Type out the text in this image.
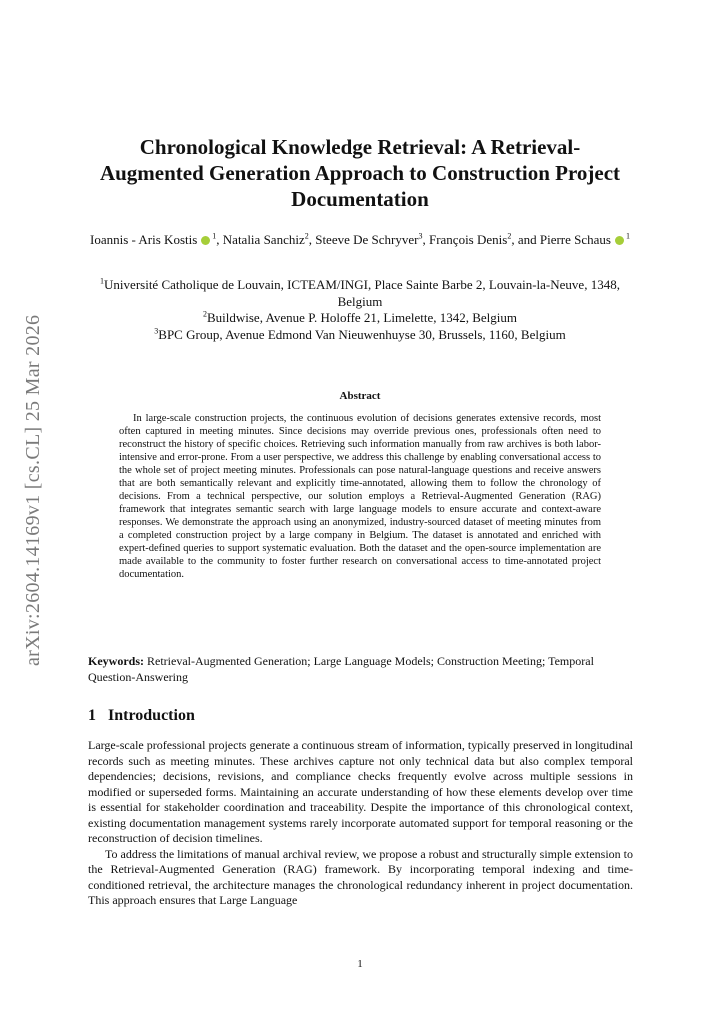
arXiv:2604.14169v1 [cs.CL] 25 Mar 2026
Chronological Knowledge Retrieval: A Retrieval-Augmented Generation Approach to Construction Project Documentation
Ioannis - Aris Kostis $^1$, Natalia Sanchiz$^2$, Steeve De Schryver$^3$, François Denis$^2$, and Pierre Schaus $^1$
$^1$Université Catholique de Louvain, ICTEAM/INGI, Place Sainte Barbe 2, Louvain-la-Neuve, 1348, Belgium
$^2$Buildwise, Avenue P. Holoffe 21, Limelette, 1342, Belgium
$^3$BPC Group, Avenue Edmond Van Nieuwenhuyse 30, Brussels, 1160, Belgium
Abstract
In large-scale construction projects, the continuous evolution of decisions generates extensive records, most often captured in meeting minutes. Since decisions may override previous ones, professionals often need to reconstruct the history of specific choices. Retrieving such information manually from raw archives is both labor-intensive and error-prone. From a user perspective, we address this challenge by enabling conversational access to the whole set of project meeting minutes. Professionals can pose natural-language questions and receive answers that are both semantically relevant and explicitly time-annotated, allowing them to follow the chronology of decisions. From a technical perspective, our solution employs a Retrieval-Augmented Generation (RAG) framework that integrates semantic search with large language models to ensure accurate and context-aware responses. We demonstrate the approach using an anonymized, industry-sourced dataset of meeting minutes from a completed construction project by a large company in Belgium. The dataset is annotated and enriched with expert-defined queries to support systematic evaluation. Both the dataset and the open-source implementation are made available to the community to foster further research on conversational access to time-annotated project documentation.
Keywords: Retrieval-Augmented Generation; Large Language Models; Construction Meeting; Temporal Question-Answering
1 Introduction

Large-scale professional projects generate a continuous stream of information, typically preserved in longitudinal records such as meeting minutes. These archives capture not only technical data but also complex temporal dependencies; decisions, revisions, and compliance checks frequently evolve across multiple sessions in modified or superseded forms. Maintaining an accurate understanding of how these elements develop over time is essential for stakeholder coordination and traceability. Despite the importance of this chronological context, existing documentation management systems rarely incorporate automated support for temporal reasoning or the reconstruction of decision timelines.

To address the limitations of manual archival review, we propose a robust and structurally simple extension to the Retrieval-Augmented Generation (RAG) framework. By incorporating temporal indexing and time-conditioned retrieval, the architecture manages the chronological redundancy inherent in project documentation. This approach ensures that Large Language

1
